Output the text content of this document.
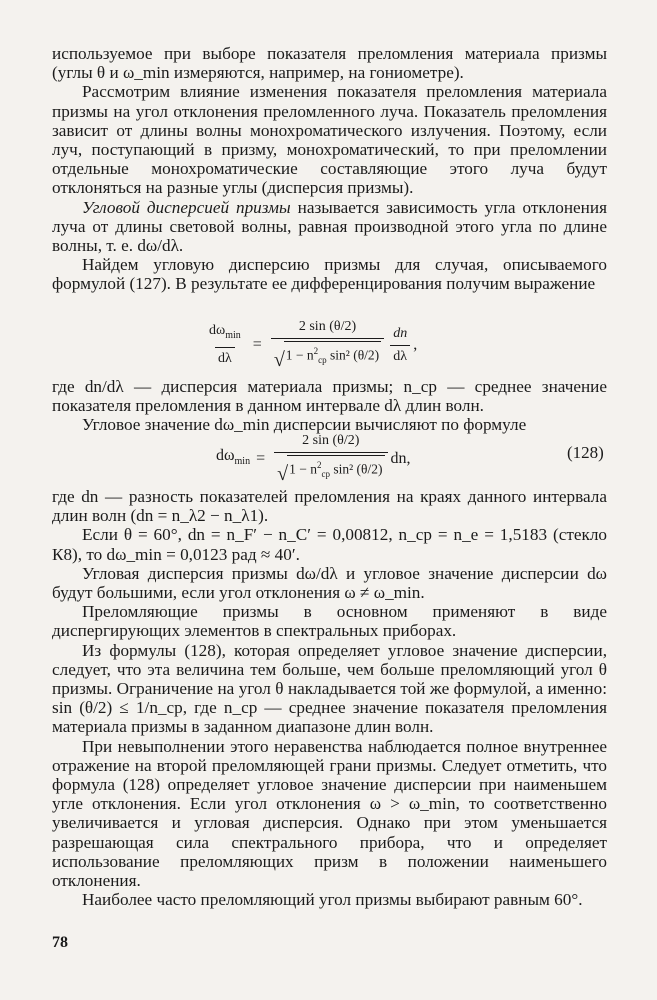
используемое при выборе показателя преломления материала призмы (углы θ и ω_min измеряются, например, на гониометре).

Рассмотрим влияние изменения показателя преломления материала призмы на угол отклонения преломленного луча. Показатель преломления зависит от длины волны монохроматического излучения. Поэтому, если луч, поступающий в призму, монохроматический, то при преломлении отдельные монохроматические составляющие этого луча будут отклоняться на разные углы (дисперсия призмы).

Угловой дисперсией призмы называется зависимость угла отклонения луча от длины световой волны, равная производной этого угла по длине волны, т. е. dω/dλ.

Найдем угловую дисперсию призмы для случая, описываемого формулой (127). В результате ее дифференцирования получим выражение

$\frac{d\omega_{min}}{d\lambda} = \frac{2 \sin (\theta/2)}{√ 1 - n^2_{ср} \sin^2 (\theta/2)} \frac{dn}{d\lambda}$ ,

где dn/dλ — дисперсия материала призмы; n_ср — среднее значение показателя преломления в данном интервале dλ длин волн.

Угловое значение dω_min дисперсии вычисляют по формуле

$d\omega_{min} = \frac{2 \sin (\theta/2)}{√ 1 - n^2_{ср} \sin^2 (\theta/2)}$ dn,	(128)

где dn — разность показателей преломления на краях данного интервала длин волн (dn = n_λ2 − n_λ1).

Если θ = 60°, dn = n_F′ − n_C′ = 0,00812, n_ср = n_e = 1,5183 (стекло К8), то dω_min = 0,0123 рад ≈ 40′.

Угловая дисперсия призмы dω/dλ и угловое значение дисперсии dω будут большими, если угол отклонения ω ≠ ω_min.

Преломляющие призмы в основном применяют в виде диспергирующих элементов в спектральных приборах.

Из формулы (128), которая определяет угловое значение дисперсии, следует, что эта величина тем больше, чем больше преломляющий угол θ призмы. Ограничение на угол θ накладывается той же формулой, а именно: sin (θ/2) ≤ 1/n_ср, где n_ср — среднее значение показателя преломления материала призмы в заданном диапазоне длин волн.

При невыполнении этого неравенства наблюдается полное внутреннее отражение на второй преломляющей грани призмы. Следует отметить, что формула (128) определяет угловое значение дисперсии при наименьшем угле отклонения. Если угол отклонения ω > ω_min, то соответственно увеличивается и угловая дисперсия. Однако при этом уменьшается разрешающая сила спектрального прибора, что и определяет использование преломляющих призм в положении наименьшего отклонения.

Наиболее часто преломляющий угол призмы выбирают равным 60°.

78
